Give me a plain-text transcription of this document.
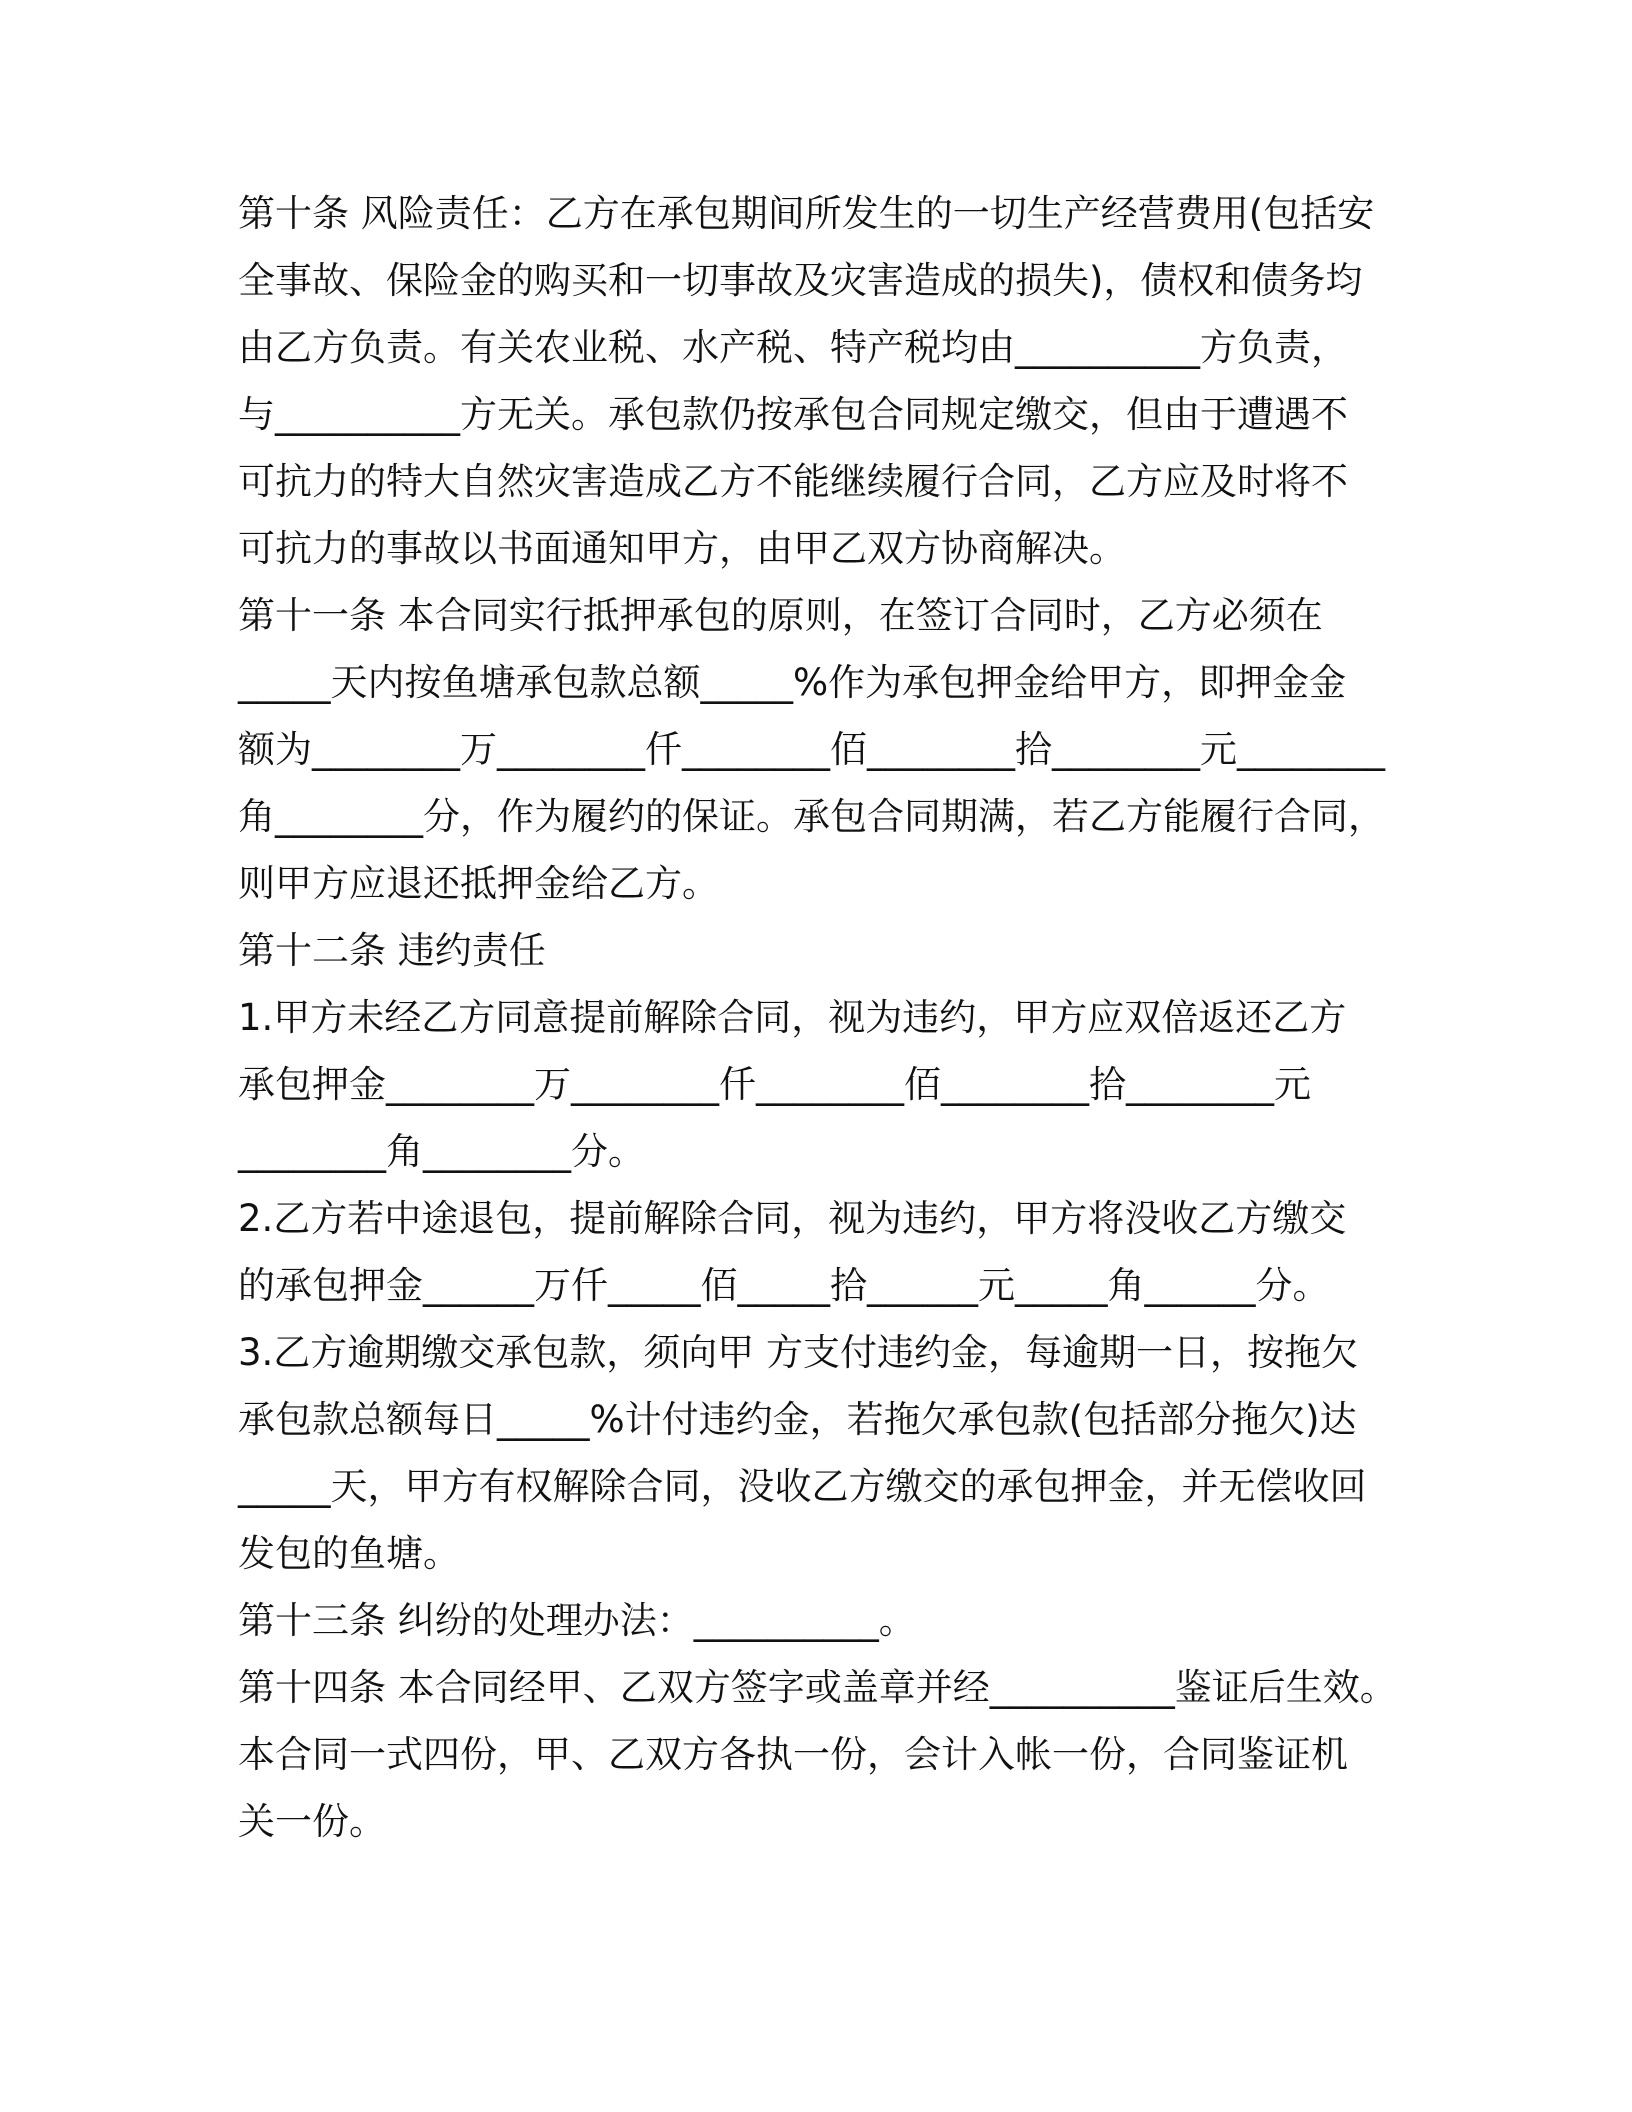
第十条 风险责任：乙方在承包期间所发生的一切生产经营费用(包括安
全事故、保险金的购买和一切事故及灾害造成的损失)，债权和债务均
由乙方负责。有关农业税、水产税、特产税均由__________方负责，
与__________方无关。承包款仍按承包合同规定缴交，但由于遭遇不
可抗力的特大自然灾害造成乙方不能继续履行合同，乙方应及时将不
可抗力的事故以书面通知甲方，由甲乙双方协商解决。
第十一条 本合同实行抵押承包的原则，在签订合同时，乙方必须在
_____天内按鱼塘承包款总额_____%作为承包押金给甲方，即押金金
额为________万________仟________佰________拾________元________
角________分，作为履约的保证。承包合同期满，若乙方能履行合同，
则甲方应退还抵押金给乙方。
第十二条 违约责任
1.甲方未经乙方同意提前解除合同，视为违约，甲方应双倍返还乙方
承包押金________万________仟________佰________拾________元
________角________分。
2.乙方若中途退包，提前解除合同，视为违约，甲方将没收乙方缴交
的承包押金______万仟_____佰_____拾______元_____角______分。
3.乙方逾期缴交承包款，须向甲 方支付违约金，每逾期一日，按拖欠
承包款总额每日_____%计付违约金，若拖欠承包款(包括部分拖欠)达
_____天，甲方有权解除合同，没收乙方缴交的承包押金，并无偿收回
发包的鱼塘。
第十三条 纠纷的处理办法：__________。
第十四条 本合同经甲、乙双方签字或盖章并经__________鉴证后生效。
本合同一式四份，甲、乙双方各执一份，会计入帐一份，合同鉴证机
关一份。
